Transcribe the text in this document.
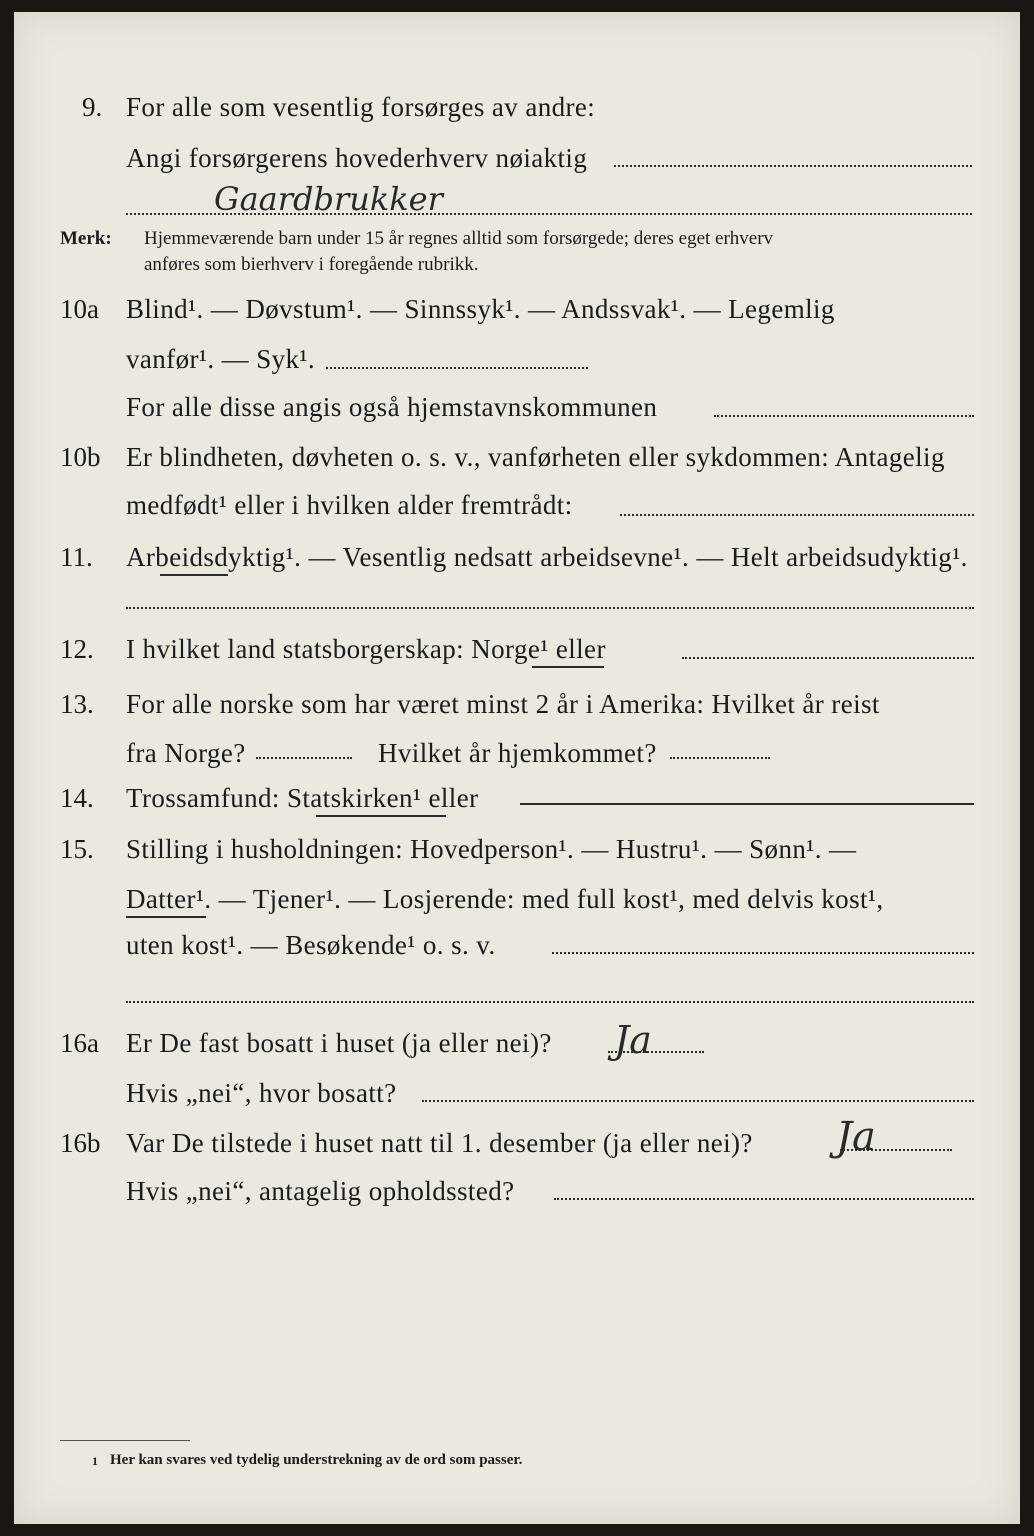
9. For alle som vesentlig forsørges av andre:
Angi forsørgerens hovederhverv nøiaktig
Gaardbrukker
Merk: Hjemmeværende barn under 15 år regnes alltid som forsørgede; deres eget erhverv
anføres som bierhverv i foregående rubrikk.
10a Blind¹. — Døvstum¹. — Sinnssyk¹. — Andssvak¹. — Legemlig
vanfør¹. — Syk¹.
For alle disse angis også hjemstavnskommunen
10b Er blindheten, døvheten o. s. v., vanførheten eller sykdommen: Antagelig
medfødt¹ eller i hvilken alder fremtrådt:
11. Arbeidsdyktig¹. — Vesentlig nedsatt arbeidsevne¹. — Helt arbeidsudyktig¹.
12. I hvilket land statsborgerskap: Norge¹ eller
13. For alle norske som har været minst 2 år i Amerika: Hvilket år reist
fra Norge?	Hvilket år hjemkommet?
14. Trossamfund: Statskirken¹ eller
15. Stilling i husholdningen: Hovedperson¹. — Hustru¹. — Sønn¹. —
Datter¹. — Tjener¹. — Losjerende: med full kost¹, med delvis kost¹,
uten kost¹. — Besøkende¹ o. s. v.
16a Er De fast bosatt i huset (ja eller nei)? Ja
Hvis „nei“, hvor bosatt?
16b Var De tilstede i huset natt til 1. desember (ja eller nei)? Ja
Hvis „nei“, antagelig opholdssted?
1 Her kan svares ved tydelig understrekning av de ord som passer.
